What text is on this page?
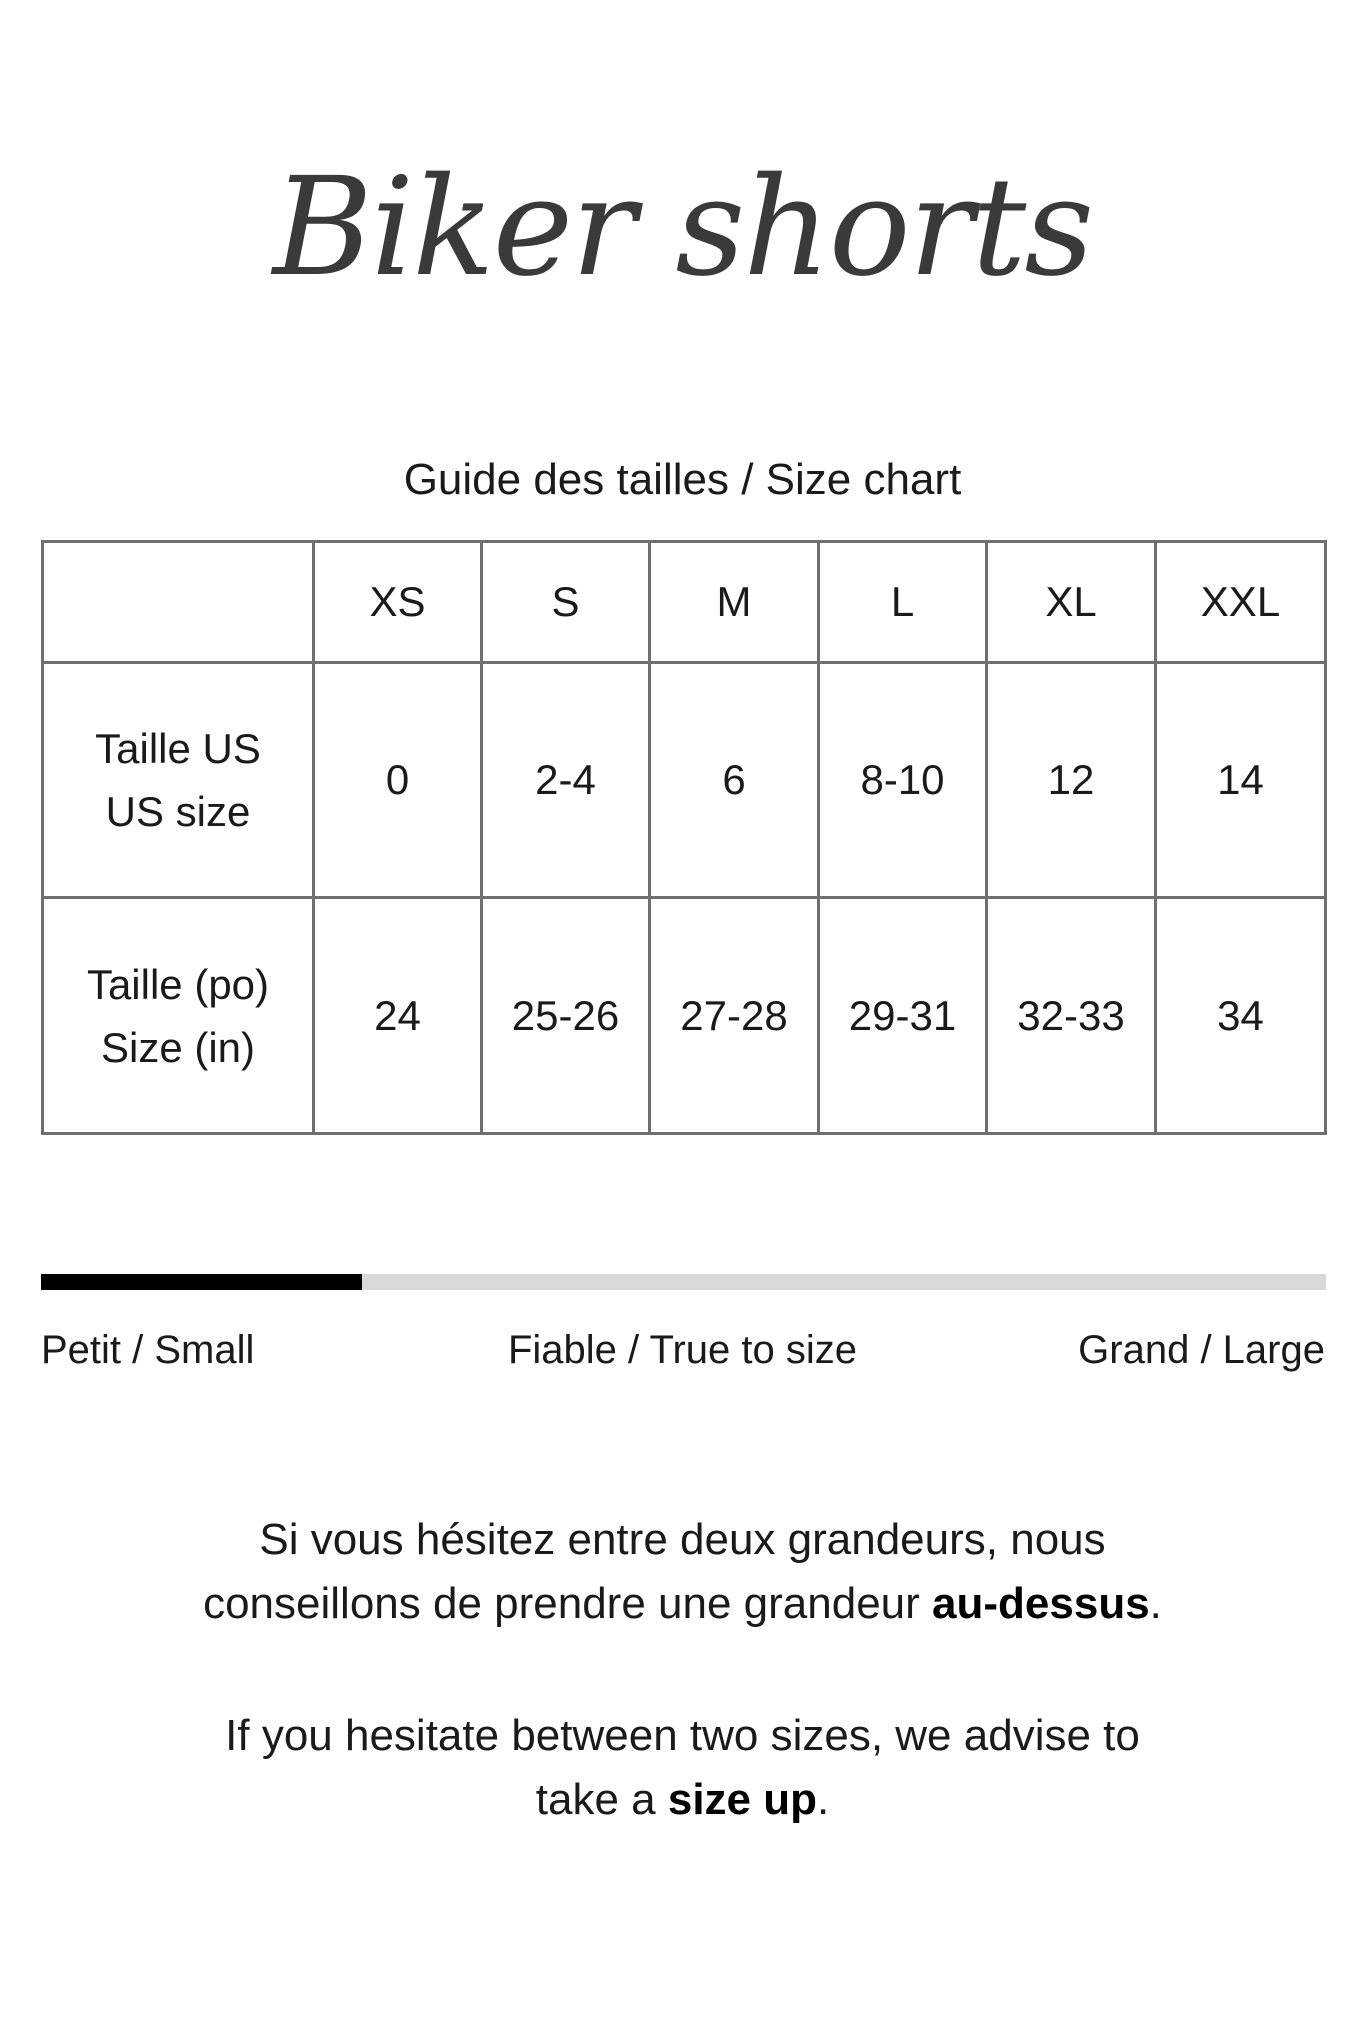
Biker shorts
Guide des tailles / Size chart
	XS	S	M	L	XL	XXL

Taille US
US size	0	2-4	6	8-10	12	14

Taille (po)
Size (in)	24	25-26	27-28	29-31	32-33	34
Petit / Small	Fiable / True to size	Grand / Large
Si vous hésitez entre deux grandeurs, nous
conseillons de prendre une grandeur au-dessus.
If you hesitate between two sizes, we advise to
take a size up.
